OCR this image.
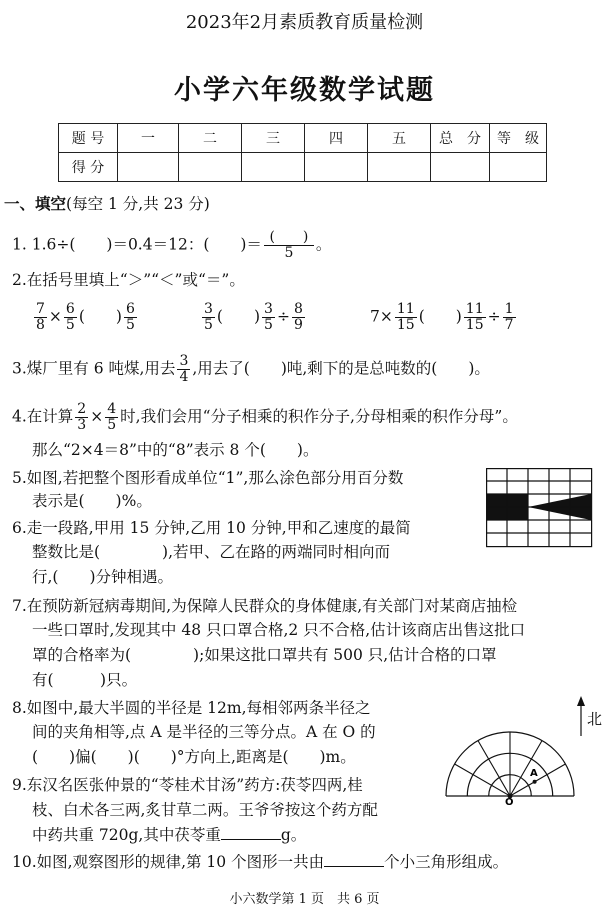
2023年2月素质教育质量检测
小学六年级数学试题
题 号	一	二	三	四	五	总　分	等　级
得 分							
一、填空(每空 1 分,共 23 分)
1. 1.6÷(　　)＝0.4＝12：(　　)＝ $\frac{( )}{5}$ 。
2.在括号里填上“＞”“＜”或“＝”。
$\frac{7}{8} \times \frac{6}{5}$ (　　) $\frac{6}{5}$	$\frac{3}{5}$ (　　) $\frac{3}{5} \div \frac{8}{9}$	$7\times \frac{11}{15}$ (　　) $\frac{11}{15} \div \frac{1}{7}$
3.煤厂里有 6 吨煤,用去 $\frac{3}{4}$ ,用去了(　　)吨,剩下的是总吨数的(　　)。
4.在计算 $\frac{2}{3} \times \frac{4}{5}$ 时,我们会用“分子相乘的积作分子,分母相乘的积作分母”。
那么“2×4＝8”中的“8”表示 8 个(　　)。
5.如图,若把整个图形看成单位“1”,那么涂色部分用百分数
表示是(　　)%。
6.走一段路,甲用 15 分钟,乙用 10 分钟,甲和乙速度的最简
整数比是(　　　　),若甲、乙在路的两端同时相向而
行,(　　)分钟相遇。
7.在预防新冠病毒期间,为保障人民群众的身体健康,有关部门对某商店抽检
一些口罩时,发现其中 48 只口罩合格,2 只不合格,估计该商店出售这批口
罩的合格率为(　　　　);如果这批口罩共有 500 只,估计合格的口罩
有(　　　)只。
8.如图中,最大半圆的半径是 12m,每相邻两条半径之
间的夹角相等,点 A 是半径的三等分点。A 在 O 的
(　　)偏(　　)(　　)°方向上,距离是(　　)m。
北
A
O
9.东汉名医张仲景的“苓桂术甘汤”药方:茯苓四两,桂
枝、白术各三两,炙甘草二两。王爷爷按这个药方配
中药共重 720g,其中茯苓重	g。
10.如图,观察图形的规律,第 10 个图形一共由	个小三角形组成。
小六数学第 1 页　共 6 页
